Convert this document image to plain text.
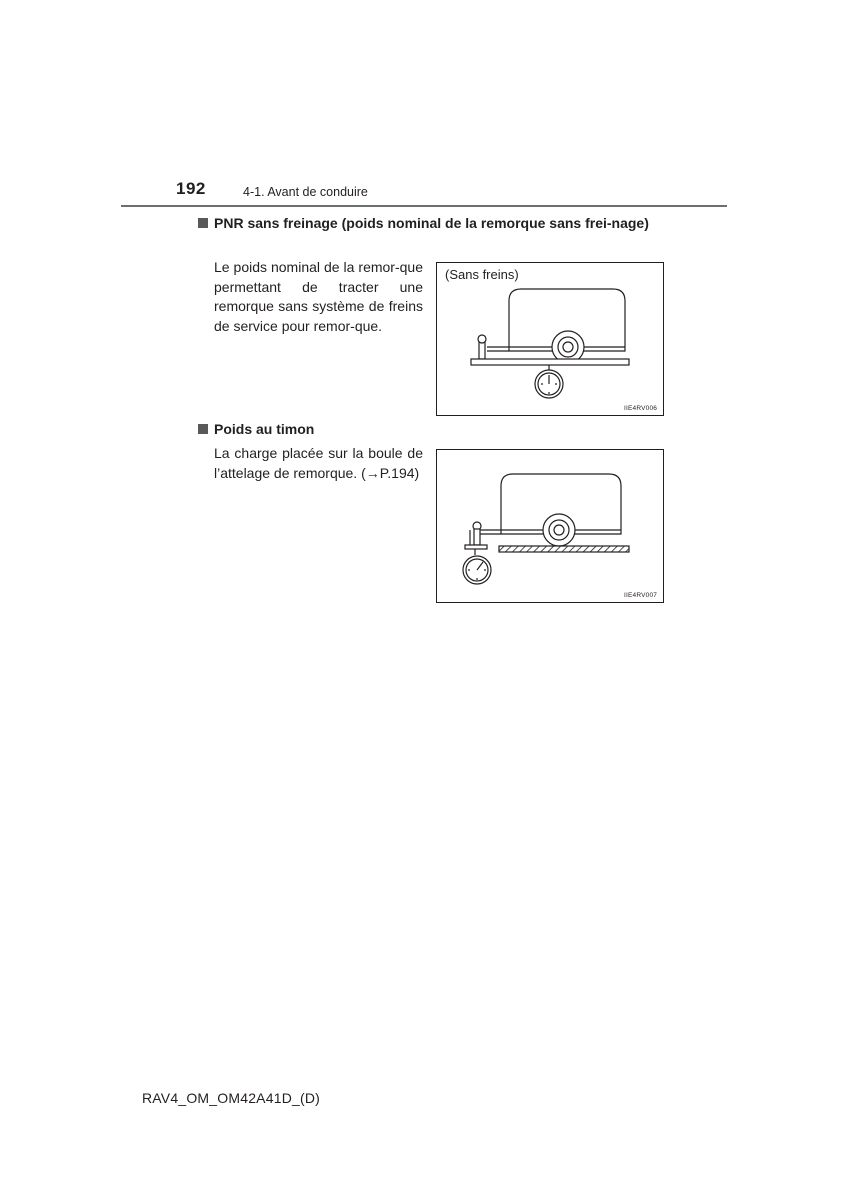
192	4-1. Avant de conduire
PNR sans freinage (poids nominal de la remorque sans frei-nage)
Le poids nominal de la remor-que permettant de tracter une remorque sans système de freins de service pour remor-que.
(Sans freins)
IIE4RV006
Poids au timon
La charge placée sur la boule de l’attelage de remorque. (→P.194)
IIE4RV007
RAV4_OM_OM42A41D_(D)
